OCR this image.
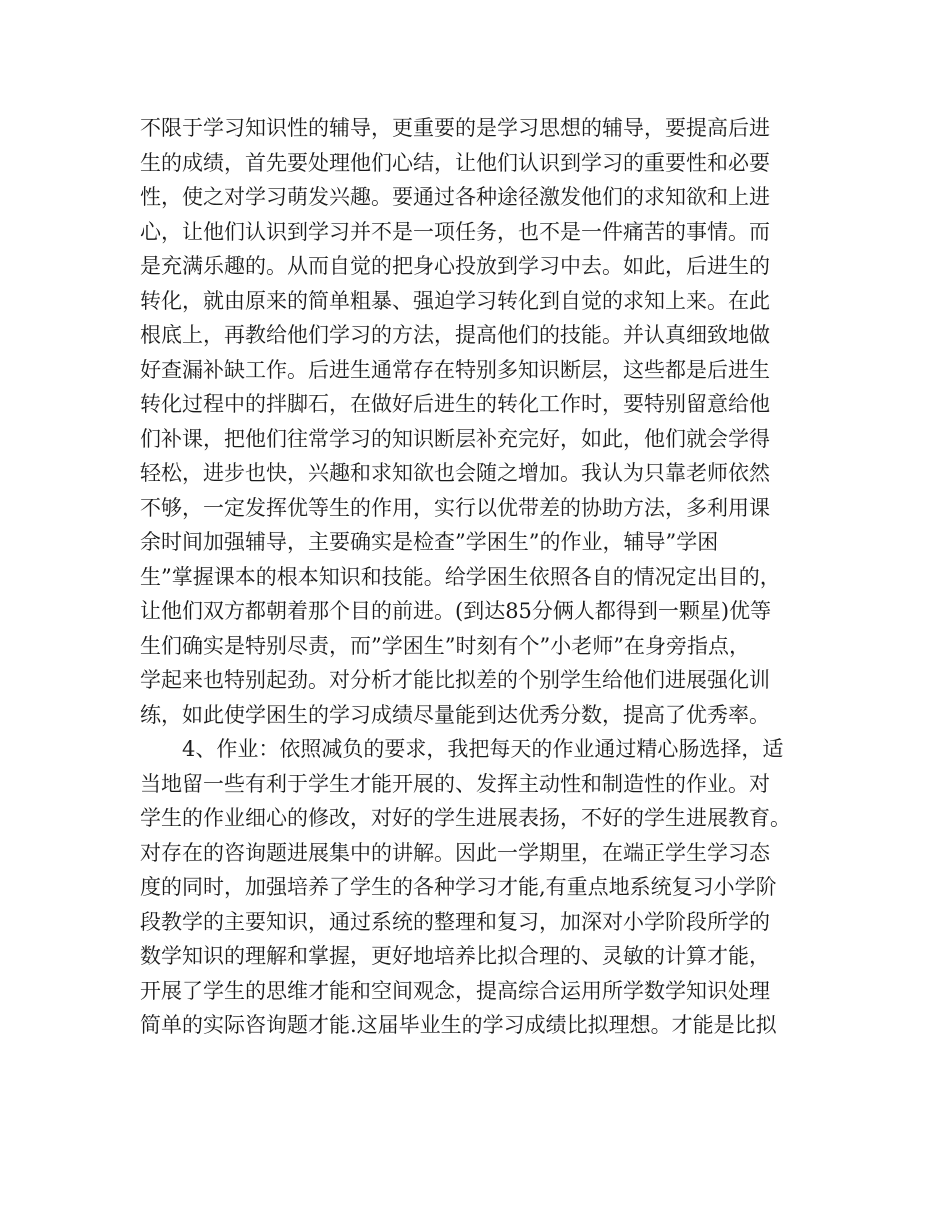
不限于学习知识性的辅导，更重要的是学习思想的辅导，要提高后进
生的成绩，首先要处理他们心结，让他们认识到学习的重要性和必要
性，使之对学习萌发兴趣。要通过各种途径激发他们的求知欲和上进
心，让他们认识到学习并不是一项任务，也不是一件痛苦的事情。而
是充满乐趣的。从而自觉的把身心投放到学习中去。如此，后进生的
转化，就由原来的简单粗暴、强迫学习转化到自觉的求知上来。在此
根底上，再教给他们学习的方法，提高他们的技能。并认真细致地做
好查漏补缺工作。后进生通常存在特别多知识断层，这些都是后进生
转化过程中的拌脚石，在做好后进生的转化工作时，要特别留意给他
们补课，把他们往常学习的知识断层补充完好，如此，他们就会学得
轻松，进步也快，兴趣和求知欲也会随之增加。我认为只靠老师依然
不够，一定发挥优等生的作用，实行以优带差的协助方法，多利用课
余时间加强辅导，主要确实是检查”学困生”的作业，辅导”学困
生”掌握课本的根本知识和技能。给学困生依照各自的情况定出目的，
让他们双方都朝着那个目的前进。(到达85分俩人都得到一颗星)优等
生们确实是特别尽责，而”学困生”时刻有个”小老师”在身旁指点，
学起来也特别起劲。对分析才能比拟差的个别学生给他们进展强化训
练，如此使学困生的学习成绩尽量能到达优秀分数，提高了优秀率。
4、作业：依照减负的要求，我把每天的作业通过精心肠选择，适
当地留一些有利于学生才能开展的、发挥主动性和制造性的作业。对
学生的作业细心的修改，对好的学生进展表扬，不好的学生进展教育。
对存在的咨询题进展集中的讲解。因此一学期里，在端正学生学习态
度的同时，加强培养了学生的各种学习才能,有重点地系统复习小学阶
段教学的主要知识，通过系统的整理和复习，加深对小学阶段所学的
数学知识的理解和掌握，更好地培养比拟合理的、灵敏的计算才能，
开展了学生的思维才能和空间观念，提高综合运用所学数学知识处理
简单的实际咨询题才能.这届毕业生的学习成绩比拟理想。才能是比拟
